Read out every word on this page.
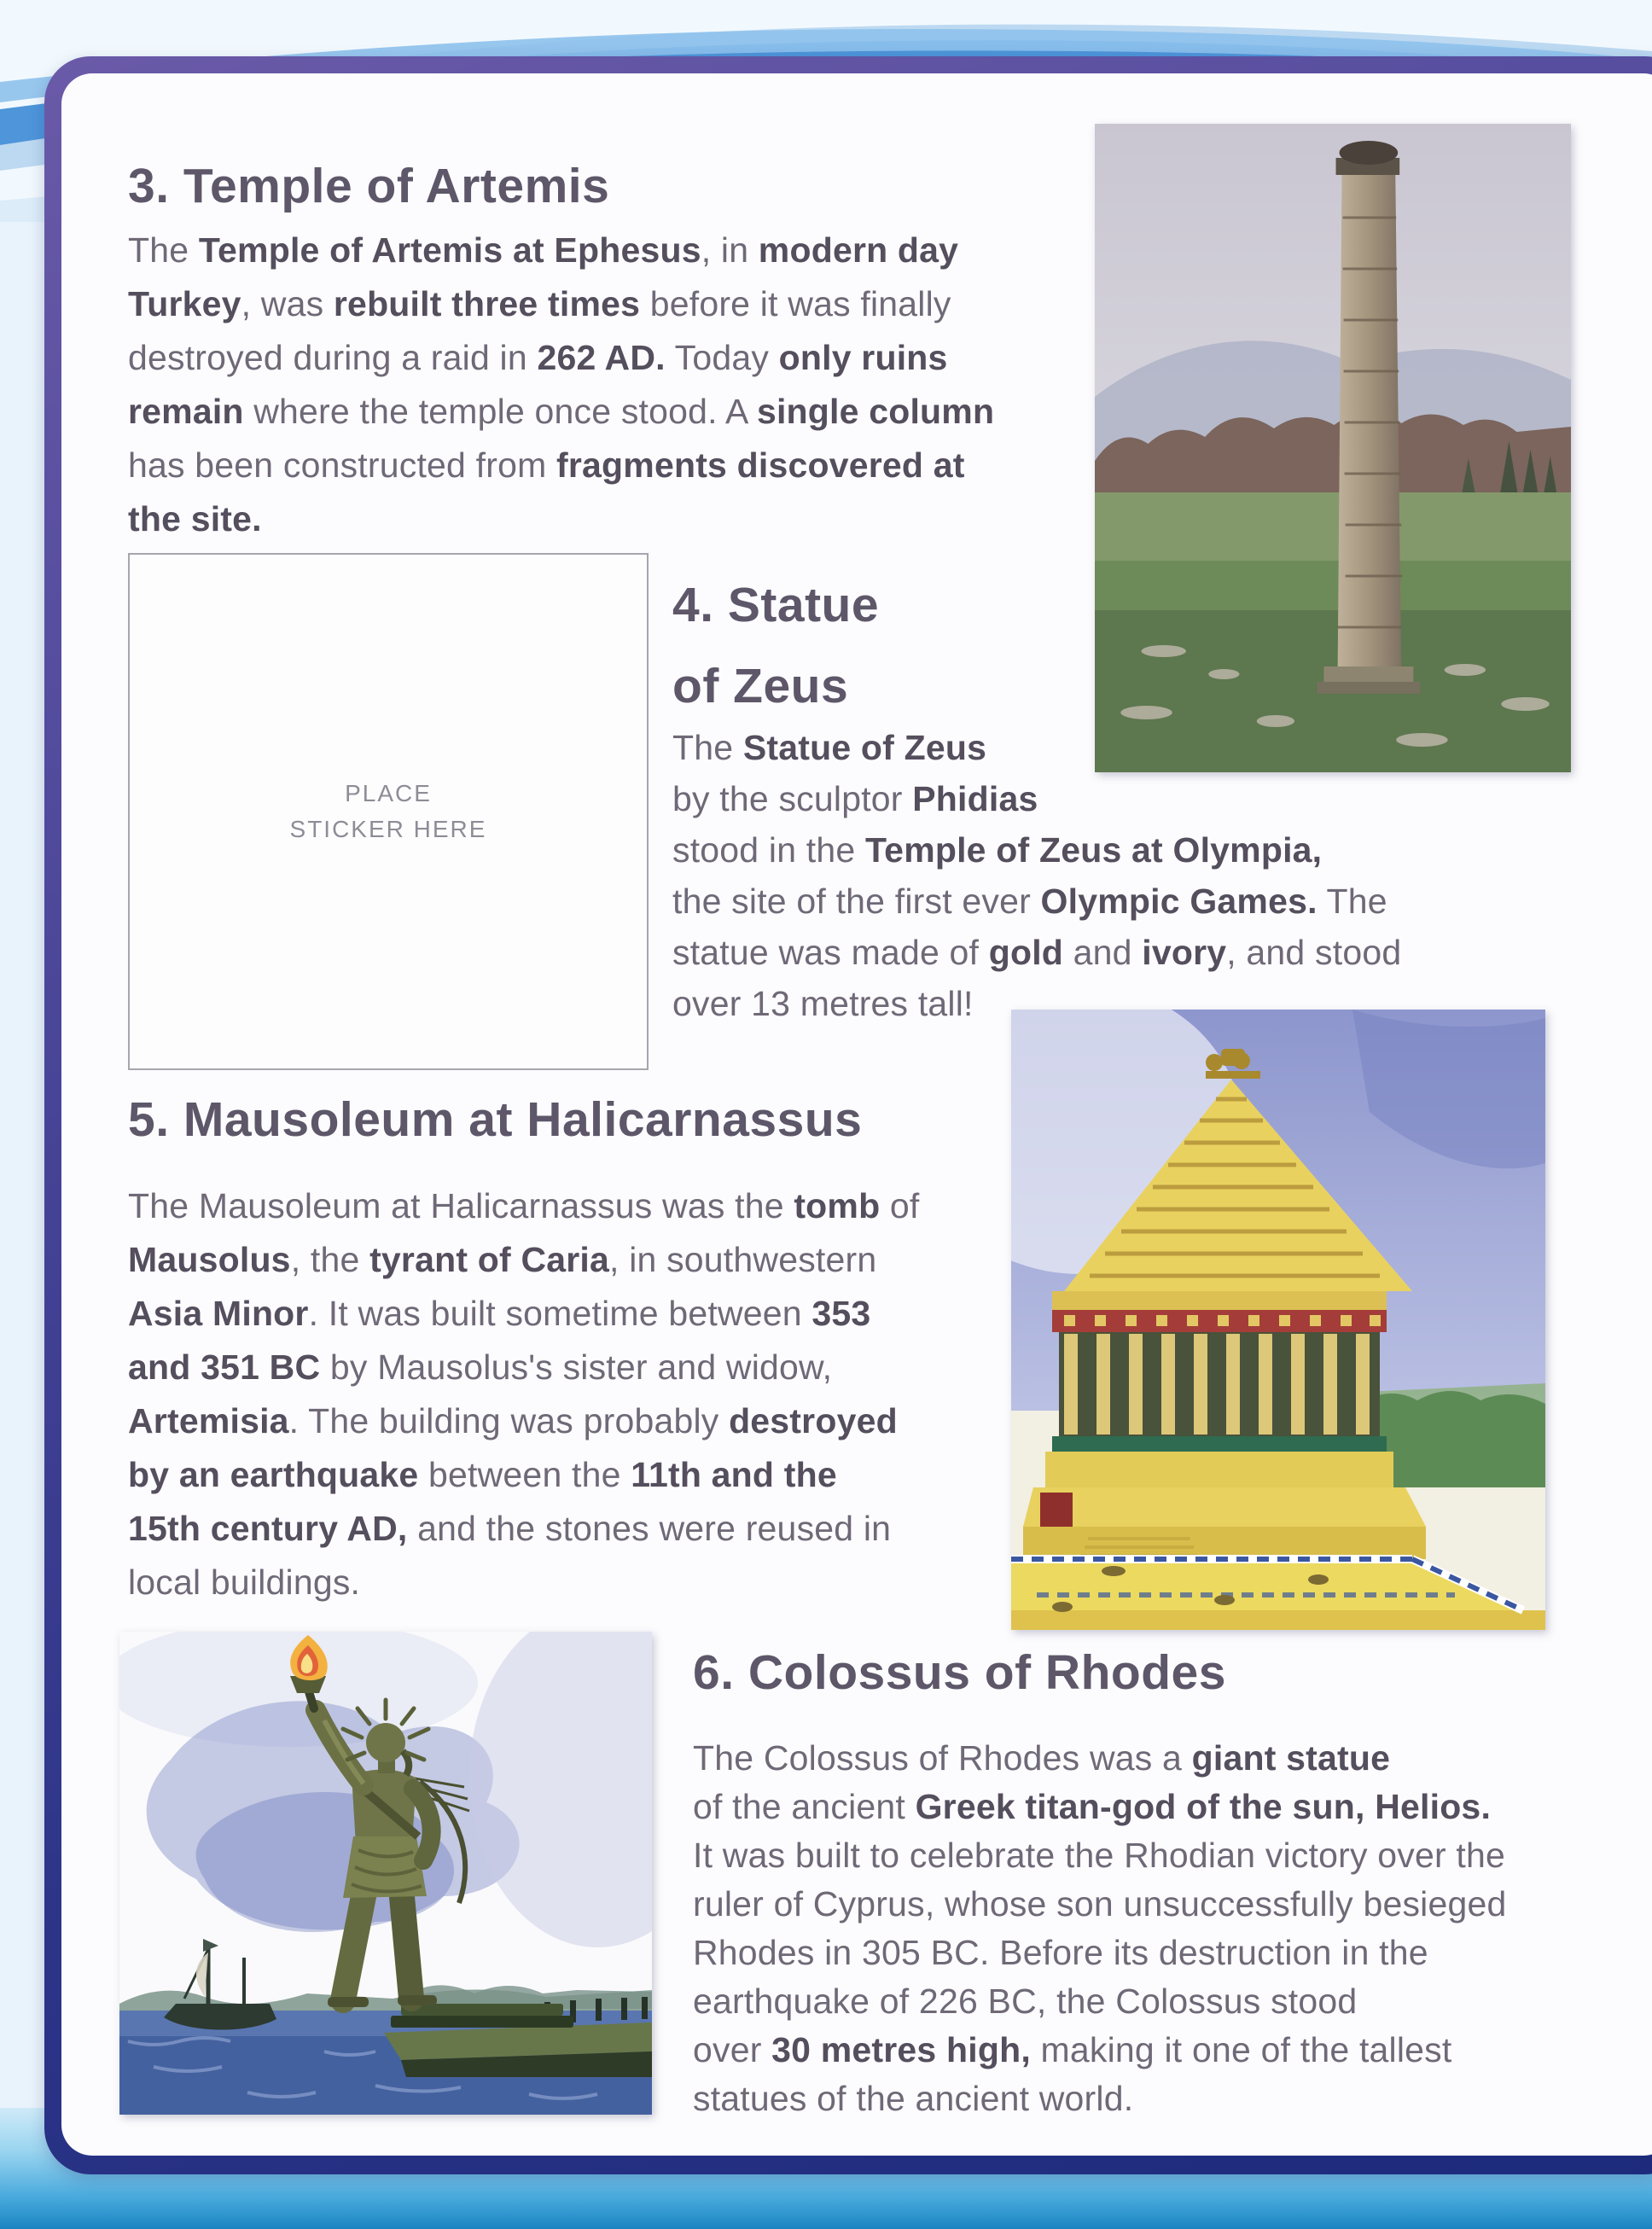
3. Temple of Artemis
The Temple of Artemis at Ephesus, in modern day
Turkey, was rebuilt three times before it was finally
destroyed during a raid in 262 AD. Today only ruins
remain where the temple once stood. A single column
has been constructed from fragments discovered at
the site.
PLACE
STICKER HERE
4. Statue
of Zeus
The Statue of Zeus
by the sculptor Phidias
stood in the Temple of Zeus at Olympia,
the site of the first ever Olympic Games. The
statue was made of gold and ivory, and stood
over 13 metres tall!
5. Mausoleum at Halicarnassus
The Mausoleum at Halicarnassus was the tomb of
Mausolus, the tyrant of Caria, in southwestern
Asia Minor. It was built sometime between 353
and 351 BC by Mausolus's sister and widow,
Artemisia. The building was probably destroyed
by an earthquake between the 11th and the
15th century AD, and the stones were reused in
local buildings.
6. Colossus of Rhodes
The Colossus of Rhodes was a giant statue
of the ancient Greek titan-god of the sun, Helios.
It was built to celebrate the Rhodian victory over the
ruler of Cyprus, whose son unsuccessfully besieged
Rhodes in 305 BC. Before its destruction in the
earthquake of 226 BC, the Colossus stood
over 30 metres high, making it one of the tallest
statues of the ancient world.
